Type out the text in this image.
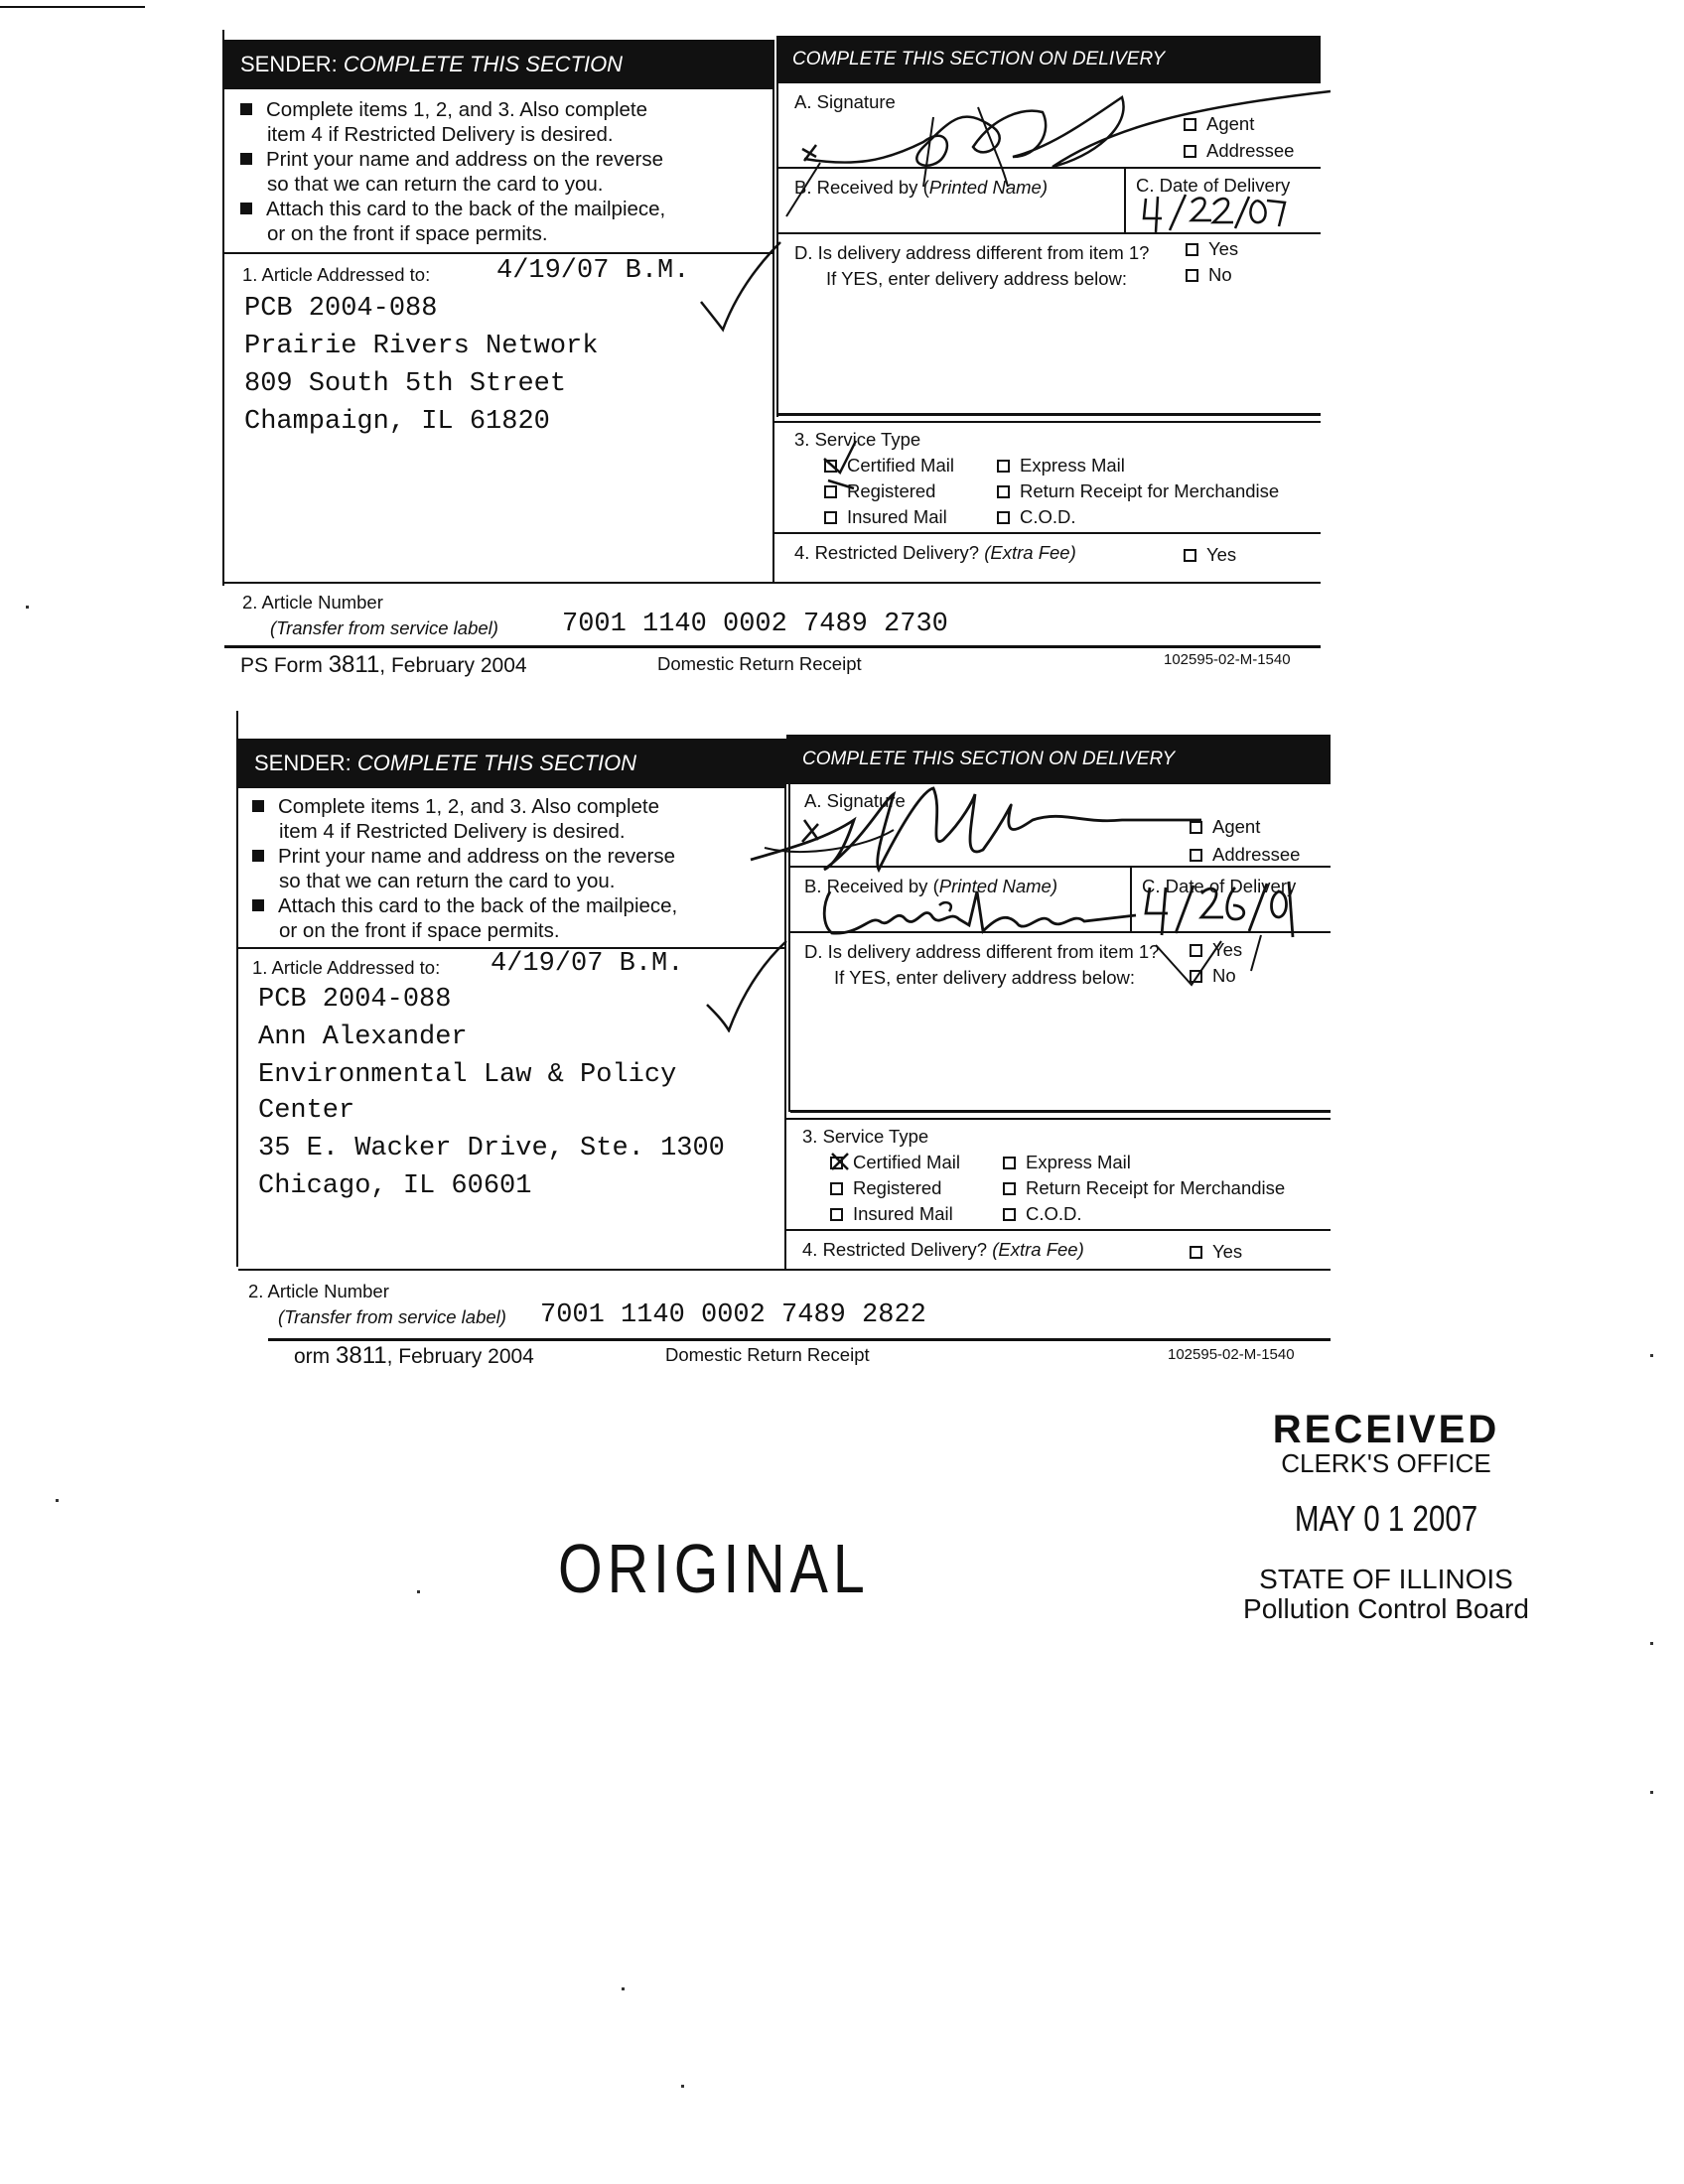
SENDER: COMPLETE THIS SECTION	COMPLETE THIS SECTION ON DELIVERY
Complete items 1, 2, and 3. Also complete
item 4 if Restricted Delivery is desired.
Print your name and address on the reverse
so that we can return the card to you.
Attach this card to the back of the mailpiece,
or on the front if space permits.
1. Article Addressed to: 4/19/07 B.M.
PCB 2004-088
Prairie Rivers Network
809 South 5th Street
Champaign, IL 61820
A. Signature
Agent
Addressee
B. Received by (Printed Name)	C. Date of Delivery
D. Is delivery address different from item 1?
If YES, enter delivery address below:
Yes
No
3. Service Type
Certified Mail	Express Mail
Registered	Return Receipt for Merchandise
Insured Mail	C.O.D.
4. Restricted Delivery? (Extra Fee)	Yes
2. Article Number
(Transfer from service label) 7001 1140 0002 7489 2730
PS Form 3811, February 2004	Domestic Return Receipt	102595-02-M-1540
SENDER: COMPLETE THIS SECTION	COMPLETE THIS SECTION ON DELIVERY
Complete items 1, 2, and 3. Also complete
item 4 if Restricted Delivery is desired.
Print your name and address on the reverse
so that we can return the card to you.
Attach this card to the back of the mailpiece,
or on the front if space permits.
1. Article Addressed to: 4/19/07 B.M.
PCB 2004-088
Ann Alexander
Environmental Law & Policy
Center
35 E. Wacker Drive, Ste. 1300
Chicago, IL 60601
A. Signature
Agent
Addressee
B. Received by (Printed Name)	C. Date of Delivery
D. Is delivery address different from item 1?
If YES, enter delivery address below:
Yes
No
3. Service Type
Certified Mail	Express Mail
Registered	Return Receipt for Merchandise
Insured Mail	C.O.D.
4. Restricted Delivery? (Extra Fee)	Yes
2. Article Number
(Transfer from service label) 7001 1140 0002 7489 2822
orm 3811, February 2004	Domestic Return Receipt	102595-02-M-1540
RECEIVED
CLERK'S OFFICE
MAY 0 1 2007
STATE OF ILLINOIS
Pollution Control Board
ORIGINAL
